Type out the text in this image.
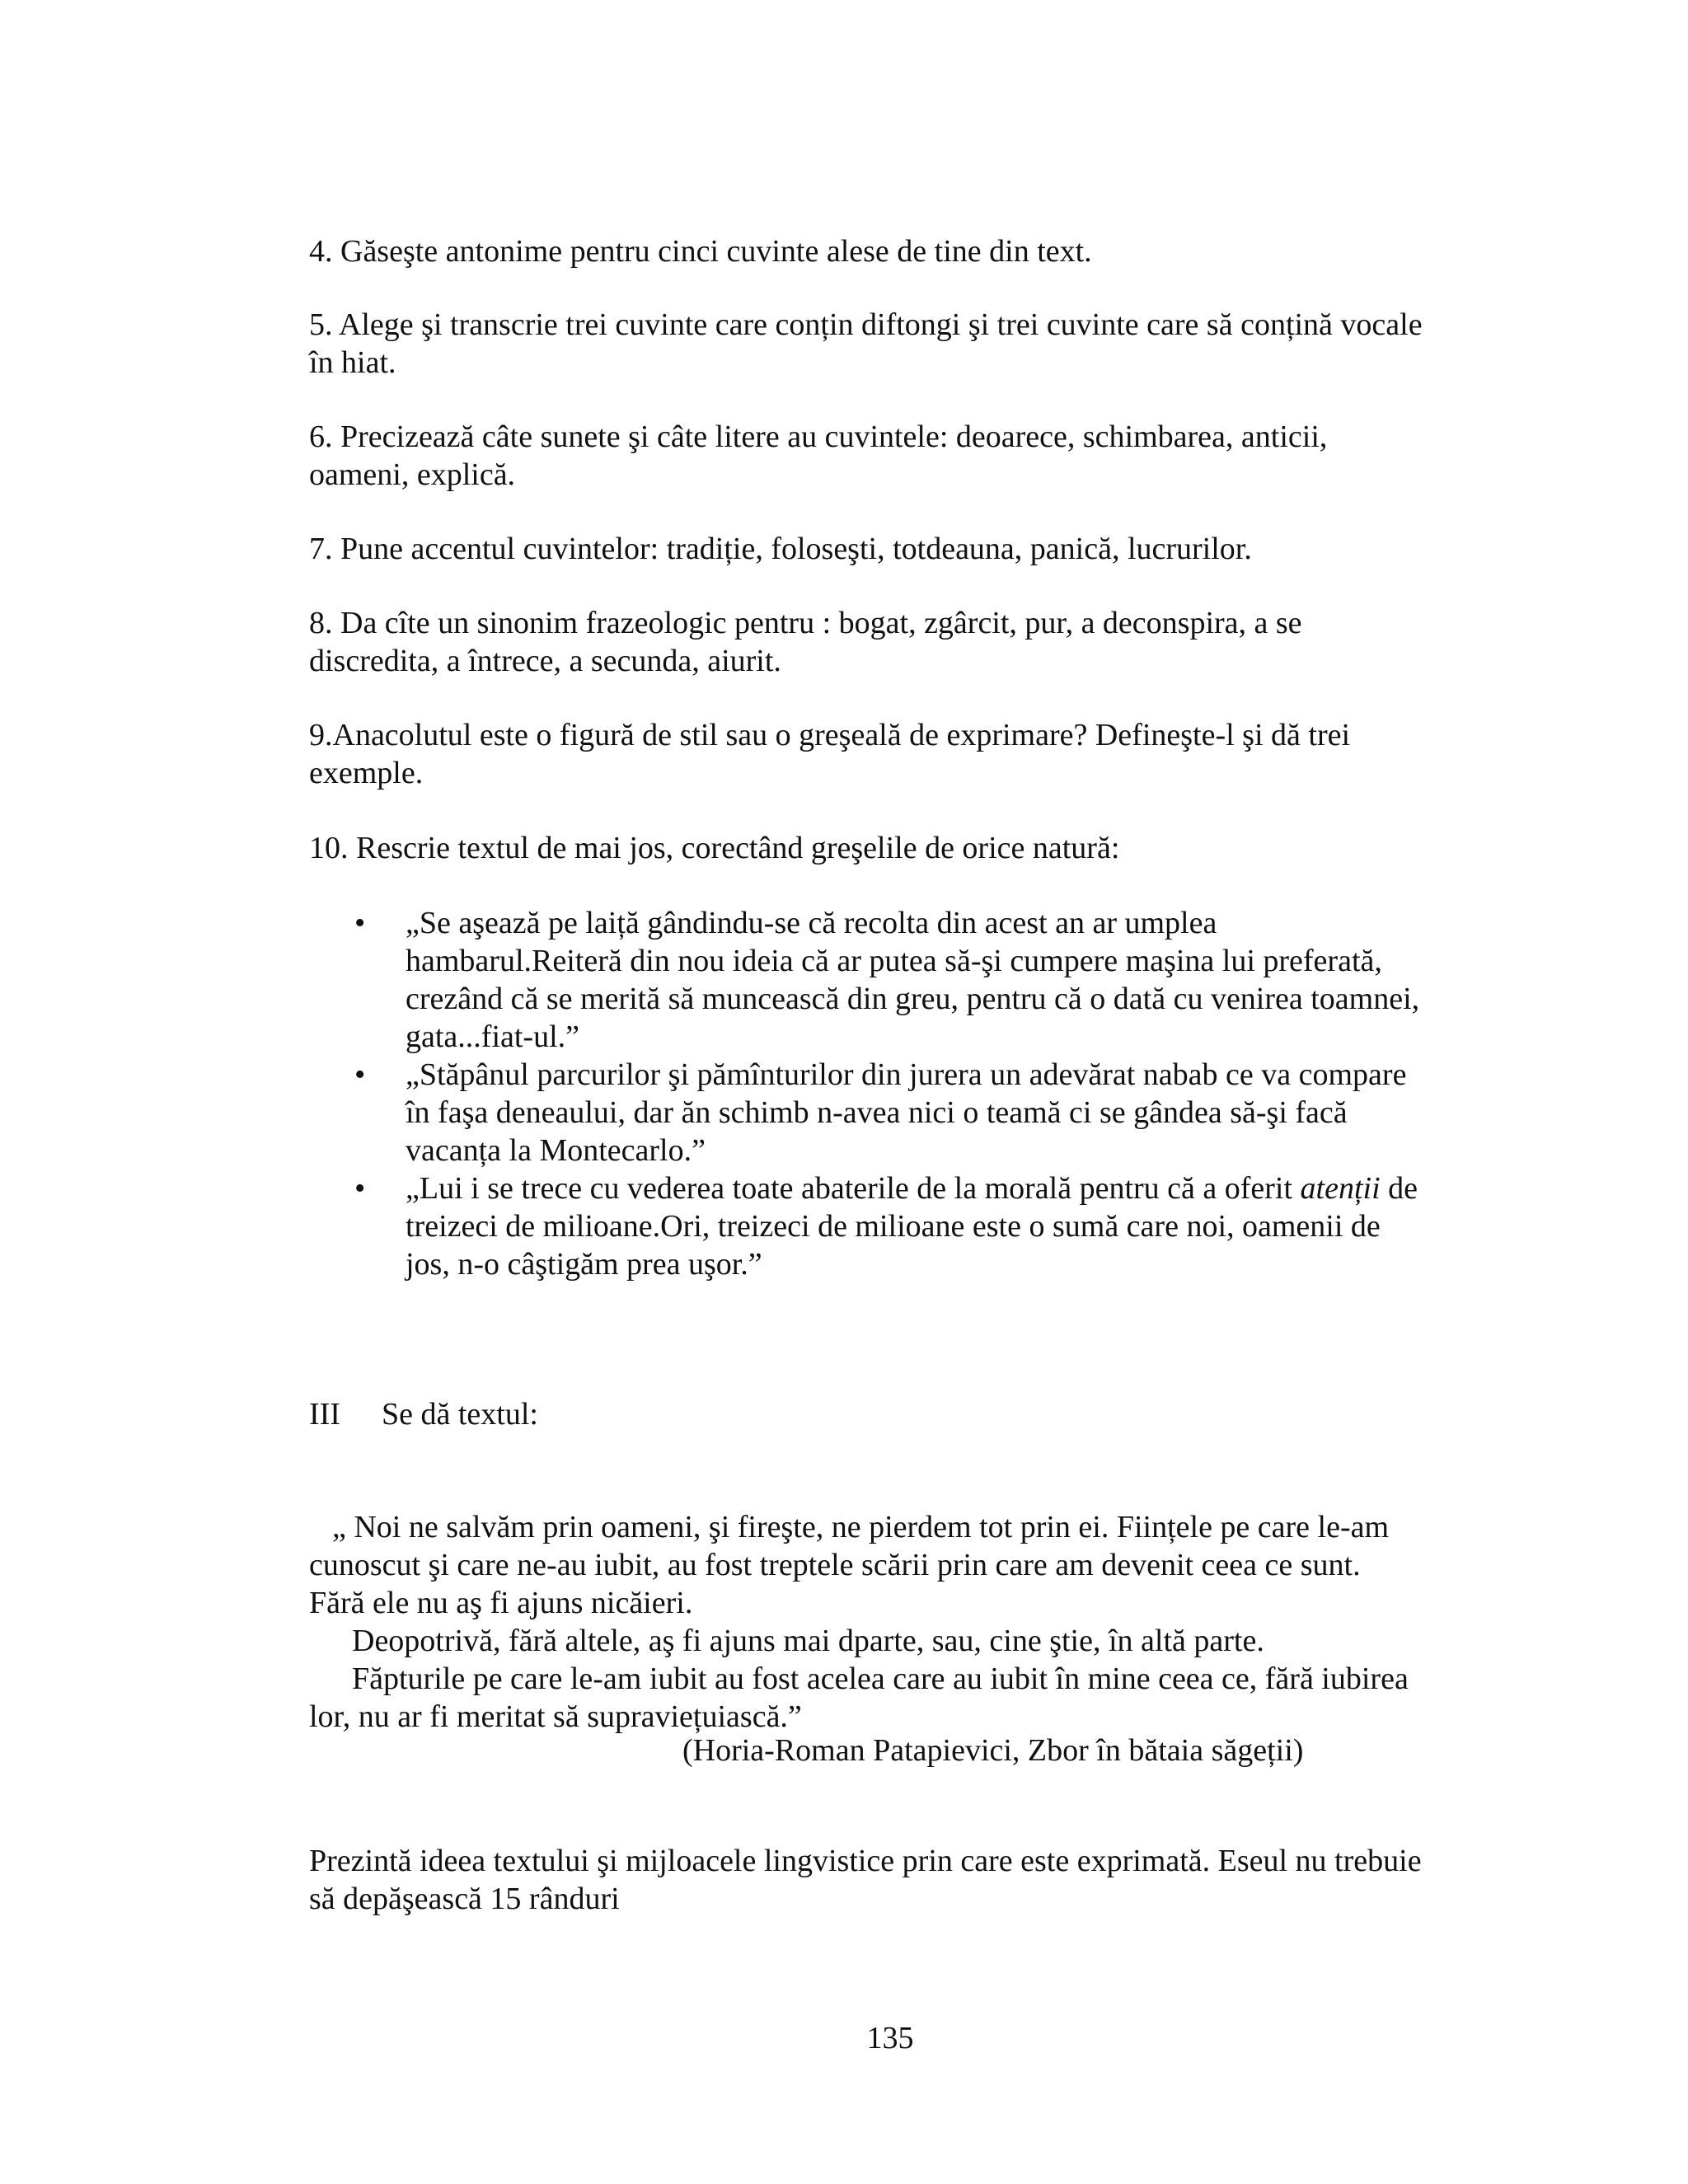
4. Găseşte antonime pentru cinci cuvinte alese de tine din text.

5. Alege şi transcrie trei cuvinte care conțin diftongi şi trei cuvinte care să conțină vocale
în hiat.

6. Precizează câte sunete şi câte litere au cuvintele: deoarece, schimbarea, anticii,
oameni, explică.

7. Pune accentul cuvintelor: tradiție, foloseşti, totdeauna, panică, lucrurilor.

8. Da cîte un sinonim frazeologic pentru : bogat, zgârcit, pur, a deconspira, a se
discredita, a întrece, a secunda, aiurit.

9.Anacolutul este o figură de stil sau o greşeală de exprimare? Defineşte-l şi dă trei
exemple.

10. Rescrie textul de mai jos, corectând greşelile de orice natură:

• „Se aşează pe laiță gândindu-se că recolta din acest an ar umplea
hambarul.Reiteră din nou ideia că ar putea să-şi cumpere maşina lui preferată,
crezând că se merită să muncească din greu, pentru că o dată cu venirea toamnei,
gata...fiat-ul.”
• „Stăpânul parcurilor şi pămînturilor din jurera un adevărat nabab ce va compare
în faşa deneaului, dar ăn schimb n-avea nici o teamă ci se gândea să-şi facă
vacanța la Montecarlo.”
• „Lui i se trece cu vederea toate abaterile de la morală pentru că a oferit atenții de
treizeci de milioane.Ori, treizeci de milioane este o sumă care noi, oamenii de
jos, n-o câştigăm prea uşor.”
III Se dă textul:

„ Noi ne salvăm prin oameni, şi fireşte, ne pierdem tot prin ei. Ființele pe care le-am
cunoscut şi care ne-au iubit, au fost treptele scării prin care am devenit ceea ce sunt.
Fără ele nu aş fi ajuns nicăieri.

Deopotrivă, fără altele, aş fi ajuns mai dparte, sau, cine ştie, în altă parte.

Făpturile pe care le-am iubit au fost acelea care au iubit în mine ceea ce, fără iubirea
lor, nu ar fi meritat să supraviețuiască.”

(Horia-Roman Patapievici, Zbor în bătaia săgeții)

Prezintă ideea textului şi mijloacele lingvistice prin care este exprimată. Eseul nu trebuie
să depăşească 15 rânduri

135
